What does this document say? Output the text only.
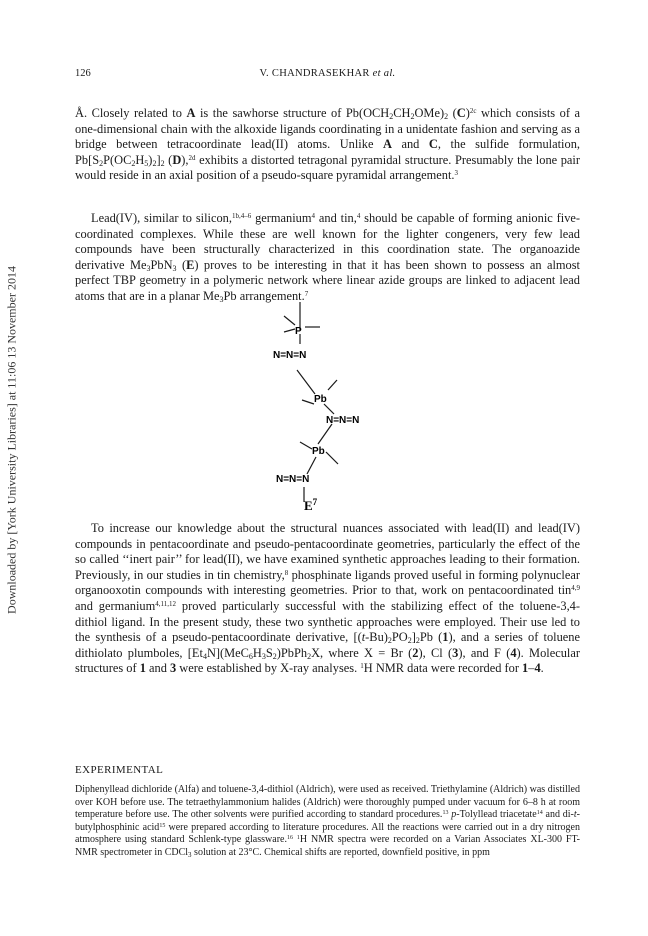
Downloaded by [York University Libraries] at 11:06 13 November 2014
126	V. CHANDRASEKHAR et al.

Å. Closely related to A is the sawhorse structure of $Pb(OCH_2CH_2OMe)_2$ $(C)^{2c}$ which consists of a one-dimensional chain with the alkoxide ligands coordinating in a unidentate fashion and serving as a bridge between tetracoordinate lead(II) atoms. Unlike A and C, the sulfide formulation, $Pb[S_2P(OC_2H_5)_2]_2$ (D),$^{2d}$ exhibits a distorted tetragonal pyramidal structure. Presumably the lone pair would reside in an axial position of a pseudo-square pyramidal arrangement.$^3$

Lead(IV), similar to silicon,$^{1b,4-6}$ germanium$^4$ and tin,$^4$ should be capable of forming anionic five-coordinated complexes. While these are well known for the lighter congeners, very few lead compounds have been structurally characterized in this coordination state. The organoazide derivative $Me_3PbN_3$ (E) proves to be interesting in that it has been shown to possess an almost perfect TBP geometry in a polymeric network where linear azide groups are linked to adjacent lead atoms that are in a planar $Me_3Pb$ arrangement.$^7$

P
N=N=N
Pb
N=N=N
Pb
N=N=N
$E^7$

To increase our knowledge about the structural nuances associated with lead(II) and lead(IV) compounds in pentacoordinate and pseudo-pentacoordinate geometries, particularly the effect of the so called ‘‘inert pair’’ for lead(II), we have examined synthetic approaches leading to their formation. Previously, in our studies in tin chemistry,$^8$ phosphinate ligands proved useful in forming polynuclear organooxotin compounds with interesting geometries. Prior to that, work on pentacoordinated tin$^{4,9}$ and germanium$^{4,11,12}$ proved particularly successful with the stabilizing effect of the toluene-3,4-dithiol ligand. In the present study, these two synthetic approaches were employed. Their use led to the synthesis of a pseudo-pentacoordinate derivative, $[(t-Bu)_2PO_2]_2Pb$ (1), and a series of toluene dithiolato plumboles, $[Et_4N](MeC_6H_3S_2)PbPh_2X$, where X = Br (2), Cl (3), and F (4). Molecular structures of 1 and 3 were established by X-ray analyses. $^1$H NMR data were recorded for 1–4.

EXPERIMENTAL

Diphenyllead dichloride (Alfa) and toluene-3,4-dithiol (Aldrich), were used as received. Triethylamine (Aldrich) was distilled over KOH before use. The tetraethylammonium halides (Aldrich) were thoroughly pumped under vacuum for 6–8 h at room temperature before use. The other solvents were purified according to standard procedures.$^{13}$ p-Tolyllead triacetate$^{14}$ and di-t-butylphosphinic acid$^{15}$ were prepared according to literature procedures. All the reactions were carried out in a dry nitrogen atmosphere using standard Schlenk-type glassware.$^{16}$ $^1$H NMR spectra were recorded on a Varian Associates XL-300 FT-NMR spectrometer in CDCl$_3$ solution at 23°C. Chemical shifts are reported, downfield positive, in ppm
